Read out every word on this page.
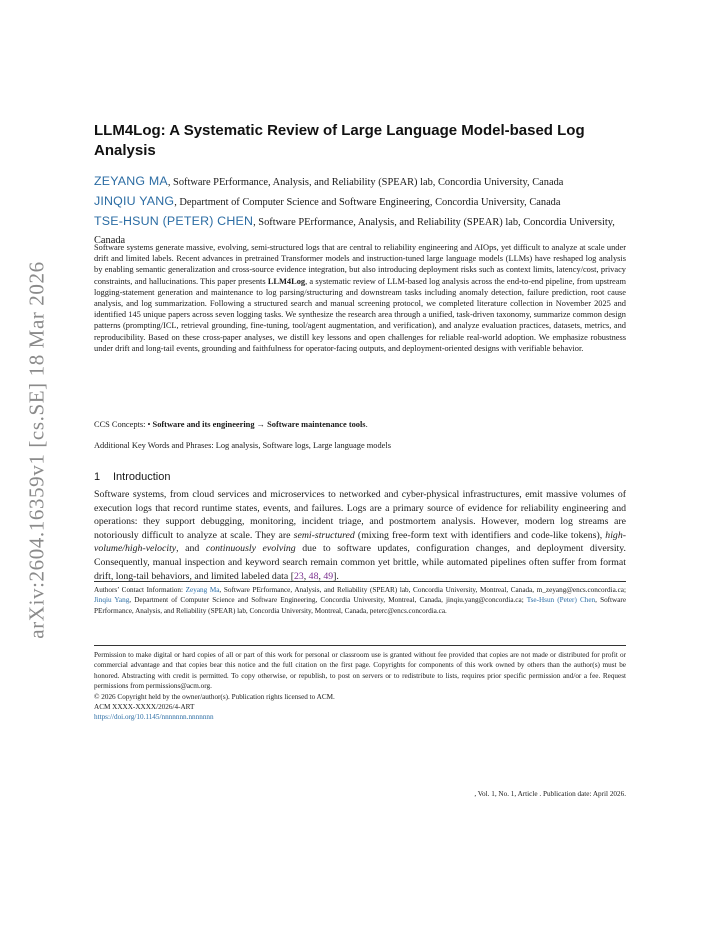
arXiv:2604.16359v1 [cs.SE] 18 Mar 2026
LLM4Log: A Systematic Review of Large Language Model-based Log Analysis
ZEYANG MA, Software PErformance, Analysis, and Reliability (SPEAR) lab, Concordia University, Canada
JINQIU YANG, Department of Computer Science and Software Engineering, Concordia University, Canada
TSE-HSUN (PETER) CHEN, Software PErformance, Analysis, and Reliability (SPEAR) lab, Concordia University, Canada
Software systems generate massive, evolving, semi-structured logs that are central to reliability engineering and AIOps, yet difficult to analyze at scale under drift and limited labels. Recent advances in pretrained Transformer models and instruction-tuned large language models (LLMs) have reshaped log analysis by enabling semantic generalization and cross-source evidence integration, but also introducing deployment risks such as context limits, latency/cost, privacy constraints, and hallucinations. This paper presents LLM4Log, a systematic review of LLM-based log analysis across the end-to-end pipeline, from upstream logging-statement generation and maintenance to log parsing/structuring and downstream tasks including anomaly detection, failure prediction, root cause analysis, and log summarization. Following a structured search and manual screening protocol, we completed literature collection in November 2025 and identified 145 unique papers across seven logging tasks. We synthesize the research area through a unified, task-driven taxonomy, summarize common design patterns (prompting/ICL, retrieval grounding, fine-tuning, tool/agent augmentation, and verification), and analyze evaluation practices, datasets, metrics, and reproducibility. Based on these cross-paper analyses, we distill key lessons and open challenges for reliable real-world adoption. We emphasize robustness under drift and long-tail events, grounding and faithfulness for operator-facing outputs, and deployment-oriented designs with verifiable behavior.
CCS Concepts: • Software and its engineering → Software maintenance tools.
Additional Key Words and Phrases: Log analysis, Software logs, Large language models
1 Introduction
Software systems, from cloud services and microservices to networked and cyber-physical infrastructures, emit massive volumes of execution logs that record runtime states, events, and failures. Logs are a primary source of evidence for reliability engineering and operations: they support debugging, monitoring, incident triage, and postmortem analysis. However, modern log streams are notoriously difficult to analyze at scale. They are semi-structured (mixing free-form text with identifiers and code-like tokens), high-volume/high-velocity, and continuously evolving due to software updates, configuration changes, and deployment diversity. Consequently, manual inspection and keyword search remain common yet brittle, while automated pipelines often suffer from format drift, long-tail behaviors, and limited labeled data [23, 48, 49].
Authors’ Contact Information: Zeyang Ma, Software PErformance, Analysis, and Reliability (SPEAR) lab, Concordia University, Montreal, Canada, m_zeyang@encs.concordia.ca; Jinqiu Yang, Department of Computer Science and Software Engineering, Concordia University, Montreal, Canada, jinqiu.yang@concordia.ca; Tse-Hsun (Peter) Chen, Software PErformance, Analysis, and Reliability (SPEAR) lab, Concordia University, Montreal, Canada, peterc@encs.concordia.ca.
Permission to make digital or hard copies of all or part of this work for personal or classroom use is granted without fee provided that copies are not made or distributed for profit or commercial advantage and that copies bear this notice and the full citation on the first page. Copyrights for components of this work owned by others than the author(s) must be honored. Abstracting with credit is permitted. To copy otherwise, or republish, to post on servers or to redistribute to lists, requires prior specific permission and/or a fee. Request permissions from permissions@acm.org.
© 2026 Copyright held by the owner/author(s). Publication rights licensed to ACM.
ACM XXXX-XXXX/2026/4-ART
https://doi.org/10.1145/nnnnnnn.nnnnnnn
, Vol. 1, No. 1, Article . Publication date: April 2026.
